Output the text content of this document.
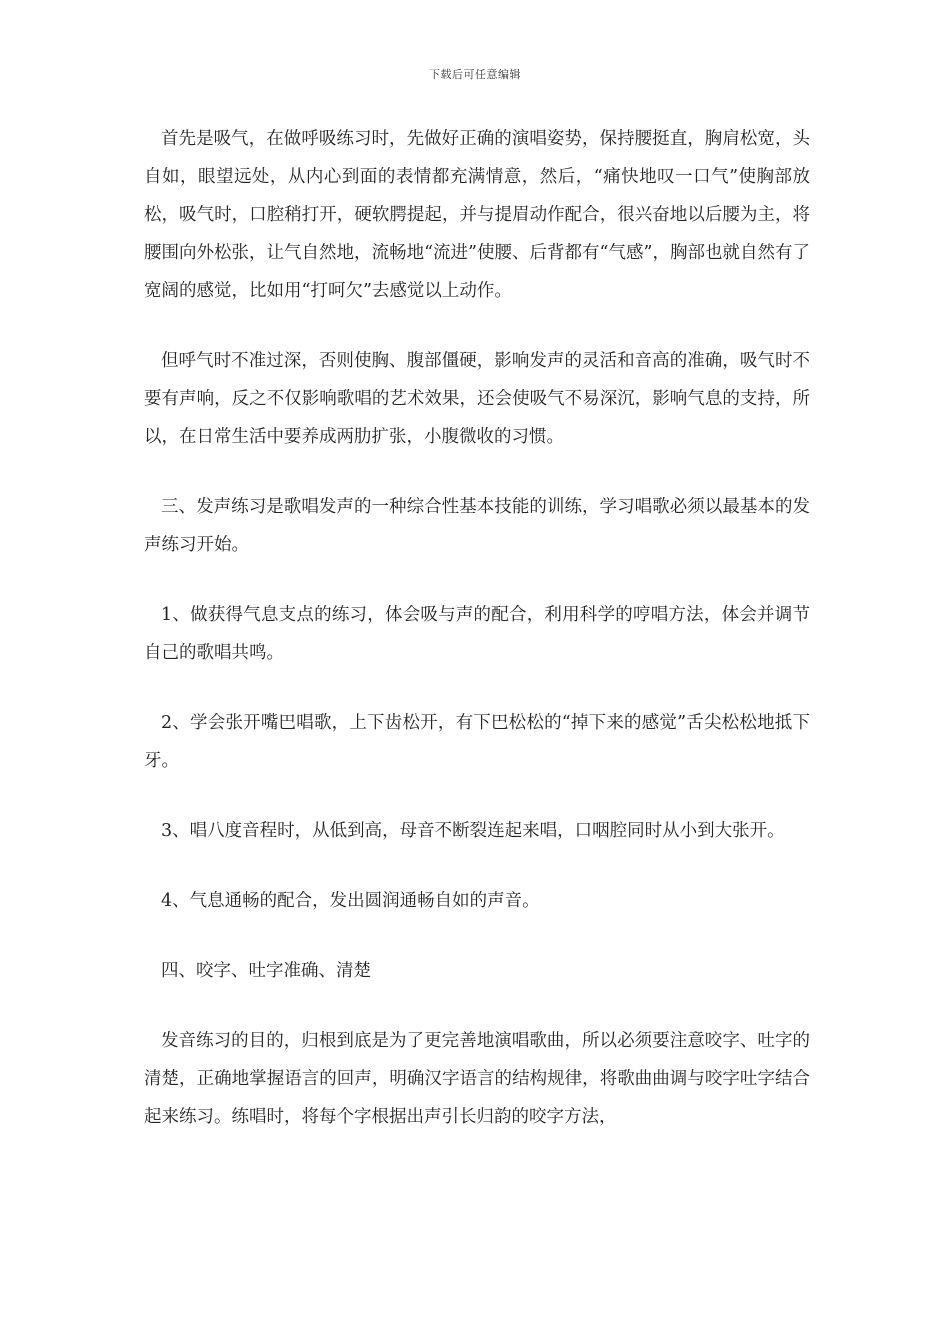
下载后可任意编辑

首先是吸气，在做呼吸练习时，先做好正确的演唱姿势，保持腰挺直，胸肩松宽，头自如，眼望远处，从内心到面的表情都充满情意，然后，“痛快地叹一口气”使胸部放松，吸气时，口腔稍打开，硬软腭提起，并与提眉动作配合，很兴奋地以后腰为主，将腰围向外松张，让气自然地，流畅地“流进”使腰、后背都有“气感”，胸部也就自然有了宽阔的感觉，比如用“打呵欠”去感觉以上动作。

但呼气时不准过深，否则使胸、腹部僵硬，影响发声的灵活和音高的准确，吸气时不要有声响，反之不仅影响歌唱的艺术效果，还会使吸气不易深沉，影响气息的支持，所以，在日常生活中要养成两肋扩张，小腹微收的习惯。

三、发声练习是歌唱发声的一种综合性基本技能的训练，学习唱歌必须以最基本的发声练习开始。

1、做获得气息支点的练习，体会吸与声的配合，利用科学的哼唱方法，体会并调节自己的歌唱共鸣。

2、学会张开嘴巴唱歌，上下齿松开，有下巴松松的“掉下来的感觉”舌尖松松地抵下牙。

3、唱八度音程时，从低到高，母音不断裂连起来唱，口咽腔同时从小到大张开。

4、气息通畅的配合，发出圆润通畅自如的声音。

四、咬字、吐字准确、清楚

发音练习的目的，归根到底是为了更完善地演唱歌曲，所以必须要注意咬字、吐字的清楚，正确地掌握语言的回声，明确汉字语言的结构规律，将歌曲曲调与咬字吐字结合起来练习。练唱时，将每个字根据出声引长归韵的咬字方法，
